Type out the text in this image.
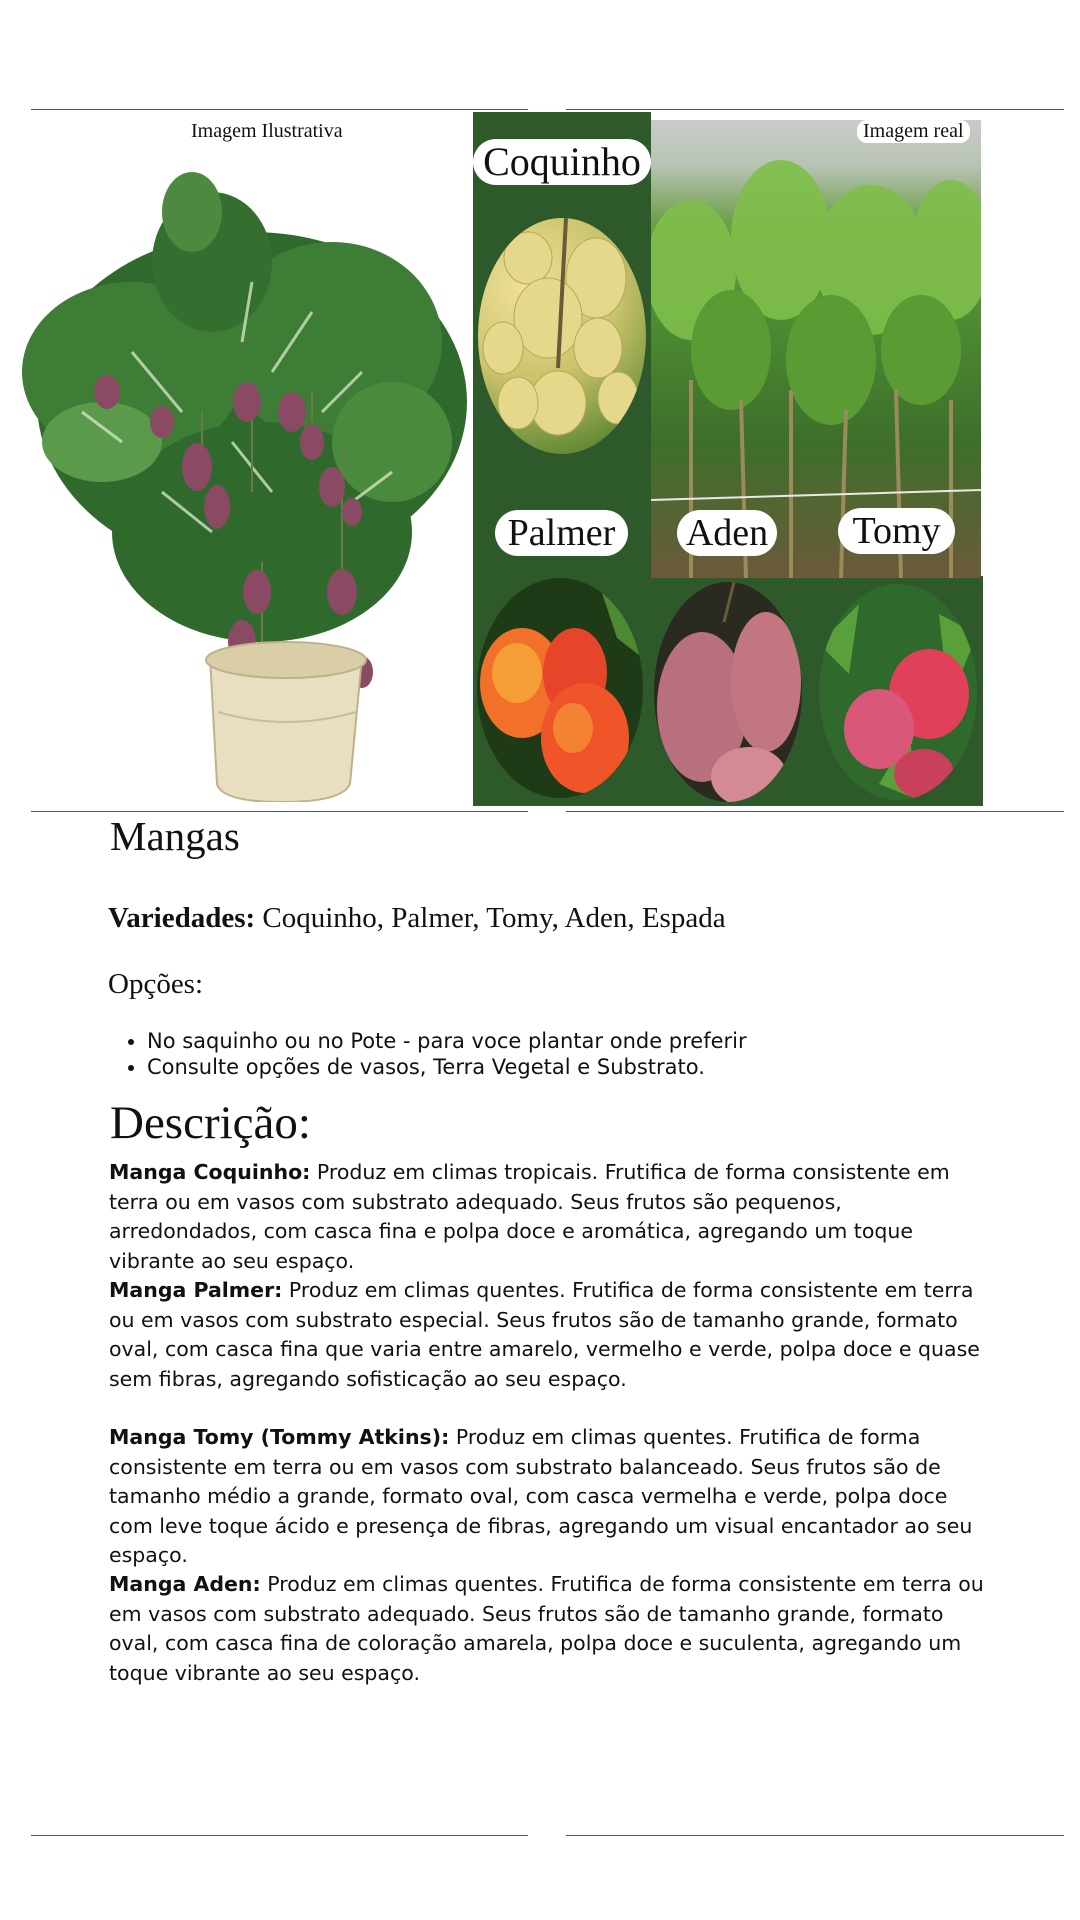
Imagem Ilustrativa	Imagem real
Coquinho
Palmer	Aden	Tomy
Mangas
Variedades: Coquinho, Palmer, Tomy, Aden, Espada
Opções:
• No saquinho ou no Pote - para voce plantar onde preferir
• Consulte opções de vasos, Terra Vegetal e Substrato.
Descrição:

Manga Coquinho: Produz em climas tropicais. Frutifica de forma consistente em terra ou em vasos com substrato adequado. Seus frutos são pequenos, arredondados, com casca fina e polpa doce e aromática, agregando um toque vibrante ao seu espaço.

Manga Palmer: Produz em climas quentes. Frutifica de forma consistente em terra ou em vasos com substrato especial. Seus frutos são de tamanho grande, formato oval, com casca fina que varia entre amarelo, vermelho e verde, polpa doce e quase sem fibras, agregando sofisticação ao seu espaço.

Manga Tomy (Tommy Atkins): Produz em climas quentes. Frutifica de forma consistente em terra ou em vasos com substrato balanceado. Seus frutos são de tamanho médio a grande, formato oval, com casca vermelha e verde, polpa doce com leve toque ácido e presença de fibras, agregando um visual encantador ao seu espaço.

Manga Aden: Produz em climas quentes. Frutifica de forma consistente em terra ou em vasos com substrato adequado. Seus frutos são de tamanho grande, formato oval, com casca fina de coloração amarela, polpa doce e suculenta, agregando um toque vibrante ao seu espaço.
